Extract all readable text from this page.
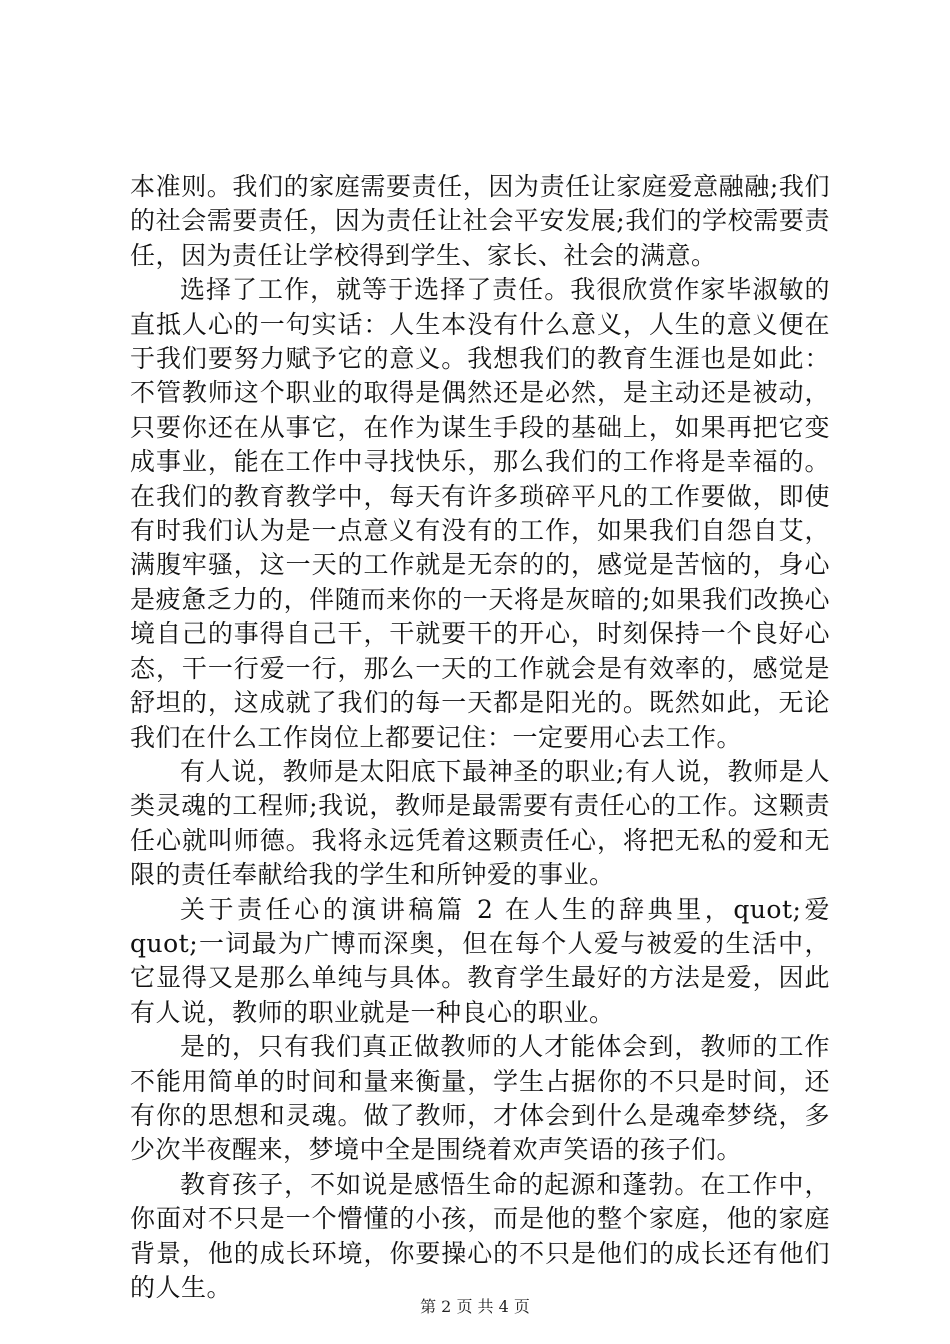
本准则。我们的家庭需要责任，因为责任让家庭爱意融融;我们的社会需要责任，因为责任让社会平安发展;我们的学校需要责任，因为责任让学校得到学生、家长、社会的满意。

选择了工作，就等于选择了责任。我很欣赏作家毕淑敏的直抵人心的一句实话：人生本没有什么意义，人生的意义便在于我们要努力赋予它的意义。我想我们的教育生涯也是如此：不管教师这个职业的取得是偶然还是必然，是主动还是被动，只要你还在从事它，在作为谋生手段的基础上，如果再把它变成事业，能在工作中寻找快乐，那么我们的工作将是幸福的。在我们的教育教学中，每天有许多琐碎平凡的工作要做，即使有时我们认为是一点意义有没有的工作，如果我们自怨自艾，满腹牢骚，这一天的工作就是无奈的的，感觉是苦恼的，身心是疲惫乏力的，伴随而来你的一天将是灰暗的;如果我们改换心境自己的事得自己干，干就要干的开心，时刻保持一个良好心态，干一行爱一行，那么一天的工作就会是有效率的，感觉是舒坦的，这成就了我们的每一天都是阳光的。既然如此，无论我们在什么工作岗位上都要记住：一定要用心去工作。

有人说，教师是太阳底下最神圣的职业;有人说，教师是人类灵魂的工程师;我说，教师是最需要有责任心的工作。这颗责任心就叫师德。我将永远凭着这颗责任心，将把无私的爱和无限的责任奉献给我的学生和所钟爱的事业。

关于责任心的演讲稿篇 2 在人生的辞典里，quot;爱 quot;一词最为广博而深奥，但在每个人爱与被爱的生活中，它显得又是那么单纯与具体。教育学生最好的方法是爱，因此有人说，教师的职业就是一种良心的职业。

是的，只有我们真正做教师的人才能体会到，教师的工作不能用简单的时间和量来衡量，学生占据你的不只是时间，还有你的思想和灵魂。做了教师，才体会到什么是魂牵梦绕，多少次半夜醒来，梦境中全是围绕着欢声笑语的孩子们。

教育孩子，不如说是感悟生命的起源和蓬勃。在工作中，你面对不只是一个懵懂的小孩，而是他的整个家庭，他的家庭背景，他的成长环境，你要操心的不只是他们的成长还有他们的人生。

第 2 页 共 4 页
